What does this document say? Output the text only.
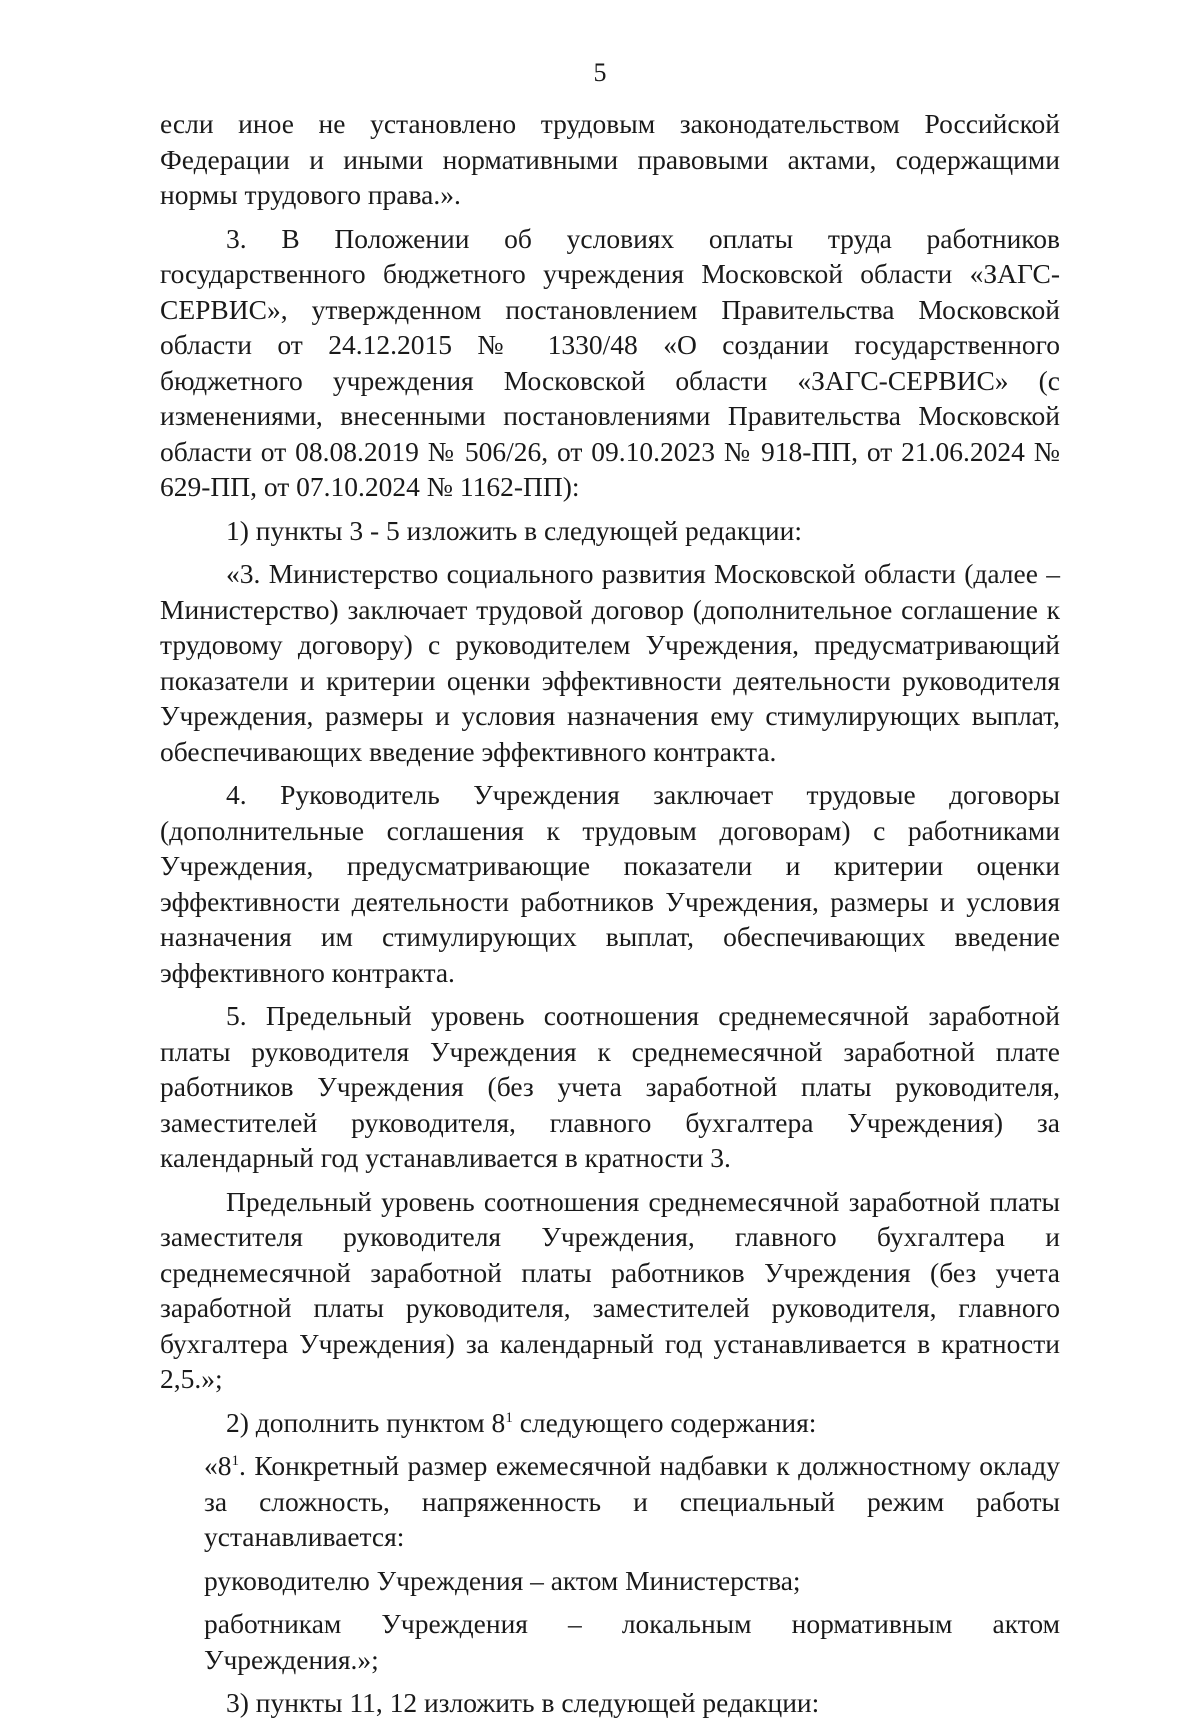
5

если иное не установлено трудовым законодательством Российской Федерации и иными нормативными правовыми актами, содержащими нормы трудового права.».

3. В Положении об условиях оплаты труда работников государственного бюджетного учреждения Московской области «ЗАГС-СЕРВИС», утвержденном постановлением Правительства Московской области от 24.12.2015 № 1330/48 «О создании государственного бюджетного учреждения Московской области «ЗАГС-СЕРВИС» (с изменениями, внесенными постановлениями Правительства Московской области от 08.08.2019 № 506/26, от 09.10.2023 № 918-ПП, от 21.06.2024 № 629-ПП, от 07.10.2024 № 1162-ПП):

1) пункты 3 - 5 изложить в следующей редакции:

«3. Министерство социального развития Московской области (далее – Министерство) заключает трудовой договор (дополнительное соглашение к трудовому договору) с руководителем Учреждения, предусматривающий показатели и критерии оценки эффективности деятельности руководителя Учреждения, размеры и условия назначения ему стимулирующих выплат, обеспечивающих введение эффективного контракта.

4. Руководитель Учреждения заключает трудовые договоры (дополнительные соглашения к трудовым договорам) с работниками Учреждения, предусматривающие показатели и критерии оценки эффективности деятельности работников Учреждения, размеры и условия назначения им стимулирующих выплат, обеспечивающих введение эффективного контракта.

5. Предельный уровень соотношения среднемесячной заработной платы руководителя Учреждения к среднемесячной заработной плате работников Учреждения (без учета заработной платы руководителя, заместителей руководителя, главного бухгалтера Учреждения) за календарный год устанавливается в кратности 3.

Предельный уровень соотношения среднемесячной заработной платы заместителя руководителя Учреждения, главного бухгалтера и среднемесячной заработной платы работников Учреждения (без учета заработной платы руководителя, заместителей руководителя, главного бухгалтера Учреждения) за календарный год устанавливается в кратности 2,5.»;

2) дополнить пунктом $8^1$ следующего содержания:

«$8^1$. Конкретный размер ежемесячной надбавки к должностному окладу за сложность, напряженность и специальный режим работы устанавливается:

руководителю Учреждения – актом Министерства;

работникам Учреждения – локальным нормативным актом Учреждения.»;

3) пункты 11, 12 изложить в следующей редакции:
